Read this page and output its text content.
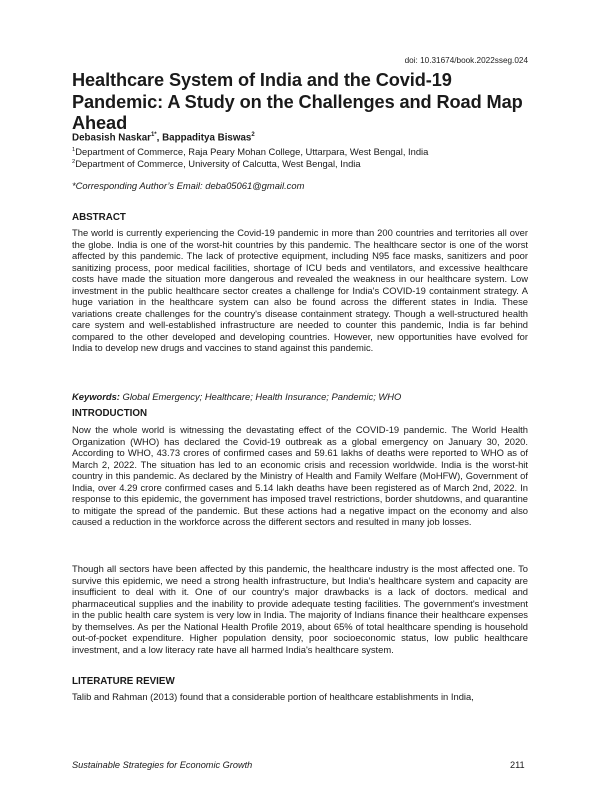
doi: 10.31674/book.2022sseg.024
Healthcare System of India and the Covid-19 Pandemic: A Study on the Challenges and Road Map Ahead
Debasish Naskar$^{1*}$, Bappaditya Biswas$^2$
$^1$Department of Commerce, Raja Peary Mohan College, Uttarpara, West Bengal, India
$^2$Department of Commerce, University of Calcutta, West Bengal, India
*Corresponding Author’s Email: deba05061@gmail.com
ABSTRACT
The world is currently experiencing the Covid-19 pandemic in more than 200 countries and territories all over the globe. India is one of the worst-hit countries by this pandemic. The healthcare sector is one of the worst affected by this pandemic. The lack of protective equipment, including N95 face masks, sanitizers and poor sanitizing process, poor medical facilities, shortage of ICU beds and ventilators, and excessive healthcare costs have made the situation more dangerous and revealed the weakness in our healthcare system. Low investment in the public healthcare sector creates a challenge for India's COVID-19 containment strategy. A huge variation in the healthcare system can also be found across the different states in India. These variations create challenges for the country's disease containment strategy. Though a well-structured health care system and well-established infrastructure are needed to counter this pandemic, India is far behind compared to the other developed and developing countries. However, new opportunities have evolved for India to develop new drugs and vaccines to stand against this pandemic.
Keywords: Global Emergency; Healthcare; Health Insurance; Pandemic; WHO
INTRODUCTION
Now the whole world is witnessing the devastating effect of the COVID-19 pandemic. The World Health Organization (WHO) has declared the Covid-19 outbreak as a global emergency on January 30, 2020. According to WHO, 43.73 crores of confirmed cases and 59.61 lakhs of deaths were reported to WHO as of March 2, 2022. The situation has led to an economic crisis and recession worldwide. India is the worst-hit country in this pandemic. As declared by the Ministry of Health and Family Welfare (MoHFW), Government of India, over 4.29 crore confirmed cases and 5.14 lakh deaths have been registered as of March 2nd, 2022. In response to this epidemic, the government has imposed travel restrictions, border shutdowns, and quarantine to mitigate the spread of the pandemic. But these actions had a negative impact on the economy and also caused a reduction in the workforce across the different sectors and resulted in many job losses.
Though all sectors have been affected by this pandemic, the healthcare industry is the most affected one. To survive this epidemic, we need a strong health infrastructure, but India's healthcare system and capacity are insufficient to deal with it. One of our country's major drawbacks is a lack of doctors. medical and pharmaceutical supplies and the inability to provide adequate testing facilities. The government's investment in the public health care system is very low in India. The majority of Indians finance their healthcare expenses by themselves. As per the National Health Profile 2019, about 65% of total healthcare spending is household out-of-pocket expenditure. Higher population density, poor socioeconomic status, low public healthcare investment, and a low literacy rate have all harmed India's healthcare system.
LITERATURE REVIEW
Talib and Rahman (2013) found that a considerable portion of healthcare establishments in India,
Sustainable Strategies for Economic Growth	211
